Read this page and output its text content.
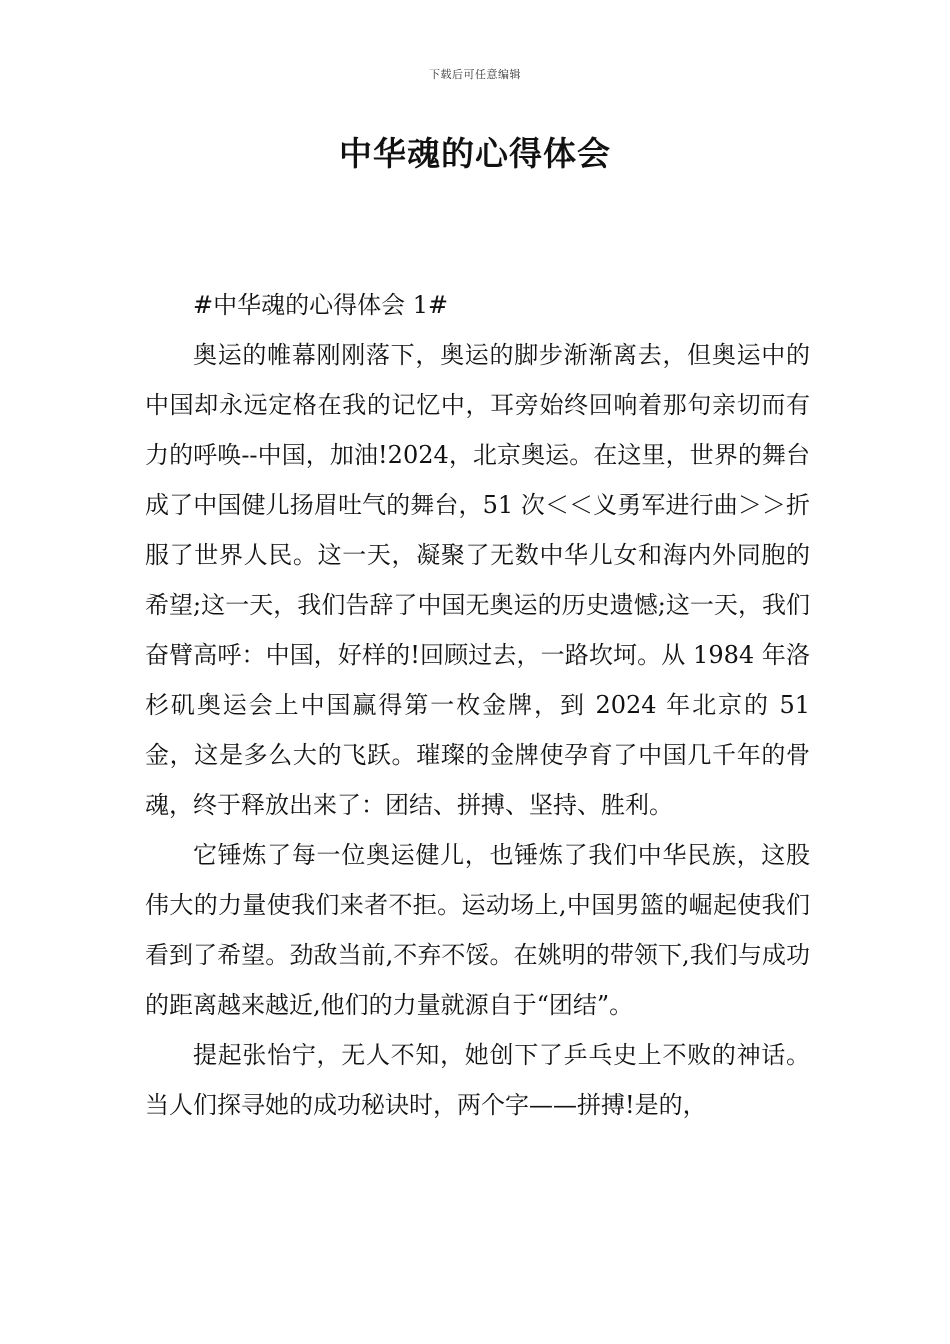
下载后可任意编辑
中华魂的心得体会

#中华魂的心得体会 1#

奥运的帷幕刚刚落下，奥运的脚步渐渐离去，但奥运中的中国却永远定格在我的记忆中，耳旁始终回响着那句亲切而有力的呼唤--中国，加油!2024，北京奥运。在这里，世界的舞台成了中国健儿扬眉吐气的舞台，51 次＜＜义勇军进行曲＞＞折服了世界人民。这一天，凝聚了无数中华儿女和海内外同胞的希望;这一天，我们告辞了中国无奥运的历史遗憾;这一天，我们奋臂高呼：中国，好样的!回顾过去，一路坎坷。从 1984 年洛杉矶奥运会上中国赢得第一枚金牌，到 2024 年北京的 51 金，这是多么大的飞跃。璀璨的金牌使孕育了中国几千年的骨魂，终于释放出来了：团结、拼搏、坚持、胜利。

它锤炼了每一位奥运健儿，也锤炼了我们中华民族，这股伟大的力量使我们来者不拒。运动场上,中国男篮的崛起使我们看到了希望。劲敌当前,不弃不馁。在姚明的带领下,我们与成功的距离越来越近,他们的力量就源自于“团结”。

提起张怡宁，无人不知，她创下了乒乓史上不败的神话。当人们探寻她的成功秘诀时，两个字——拼搏!是的，
